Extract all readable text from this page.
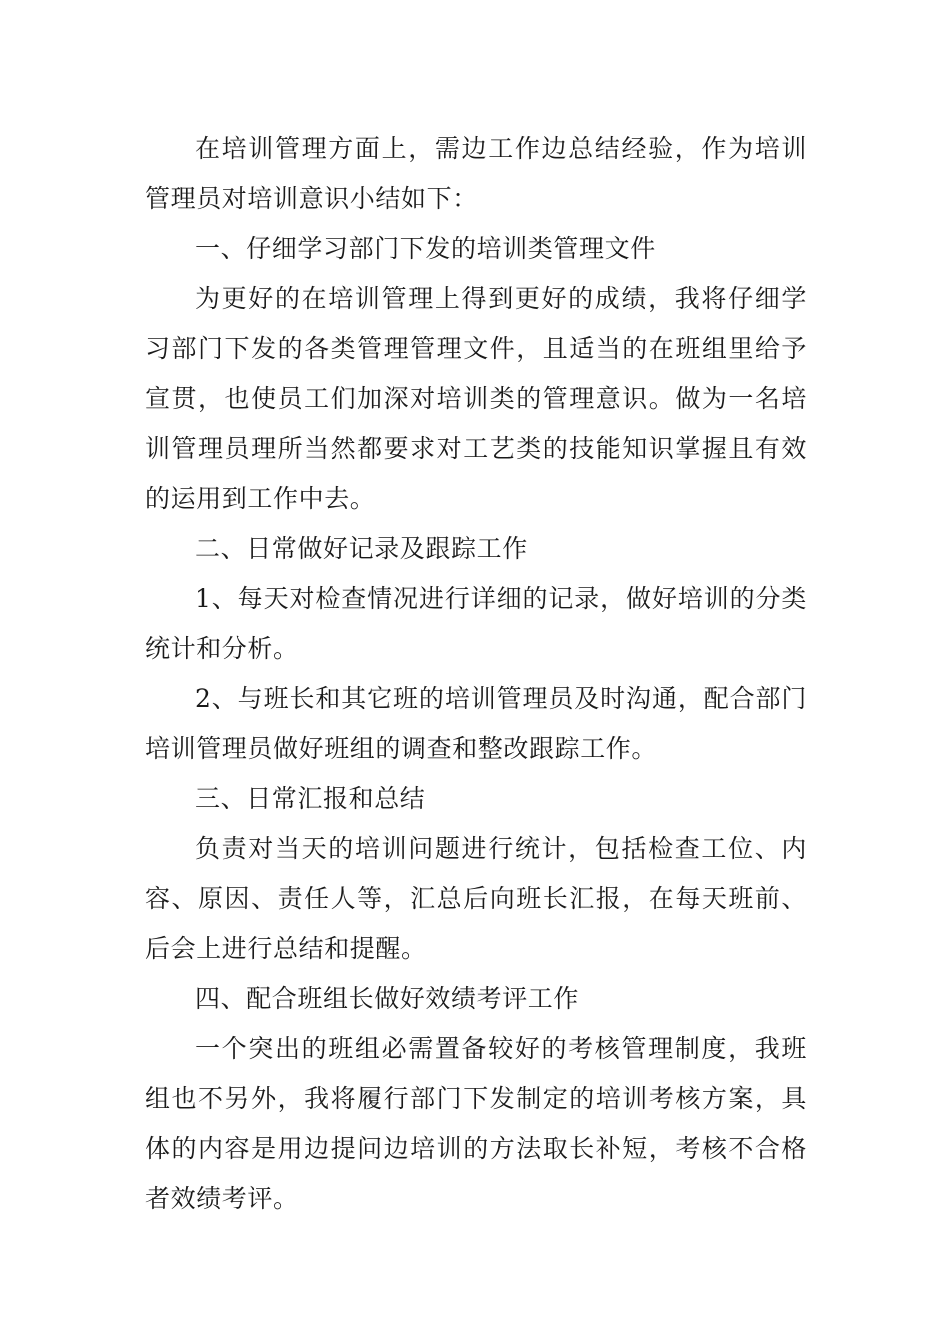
在培训管理方面上，需边工作边总结经验，作为培训管理员对培训意识小结如下：

一、仔细学习部门下发的培训类管理文件

为更好的在培训管理上得到更好的成绩，我将仔细学习部门下发的各类管理管理文件，且适当的在班组里给予宣贯，也使员工们加深对培训类的管理意识。做为一名培训管理员理所当然都要求对工艺类的技能知识掌握且有效的运用到工作中去。

二、日常做好记录及跟踪工作

1、每天对检查情况进行详细的记录，做好培训的分类统计和分析。

2、与班长和其它班的培训管理员及时沟通，配合部门培训管理员做好班组的调查和整改跟踪工作。

三、日常汇报和总结

负责对当天的培训问题进行统计，包括检查工位、内容、原因、责任人等，汇总后向班长汇报，在每天班前、后会上进行总结和提醒。

四、配合班组长做好效绩考评工作

一个突出的班组必需置备较好的考核管理制度，我班组也不另外，我将履行部门下发制定的培训考核方案，具体的内容是用边提问边培训的方法取长补短，考核不合格者效绩考评。
